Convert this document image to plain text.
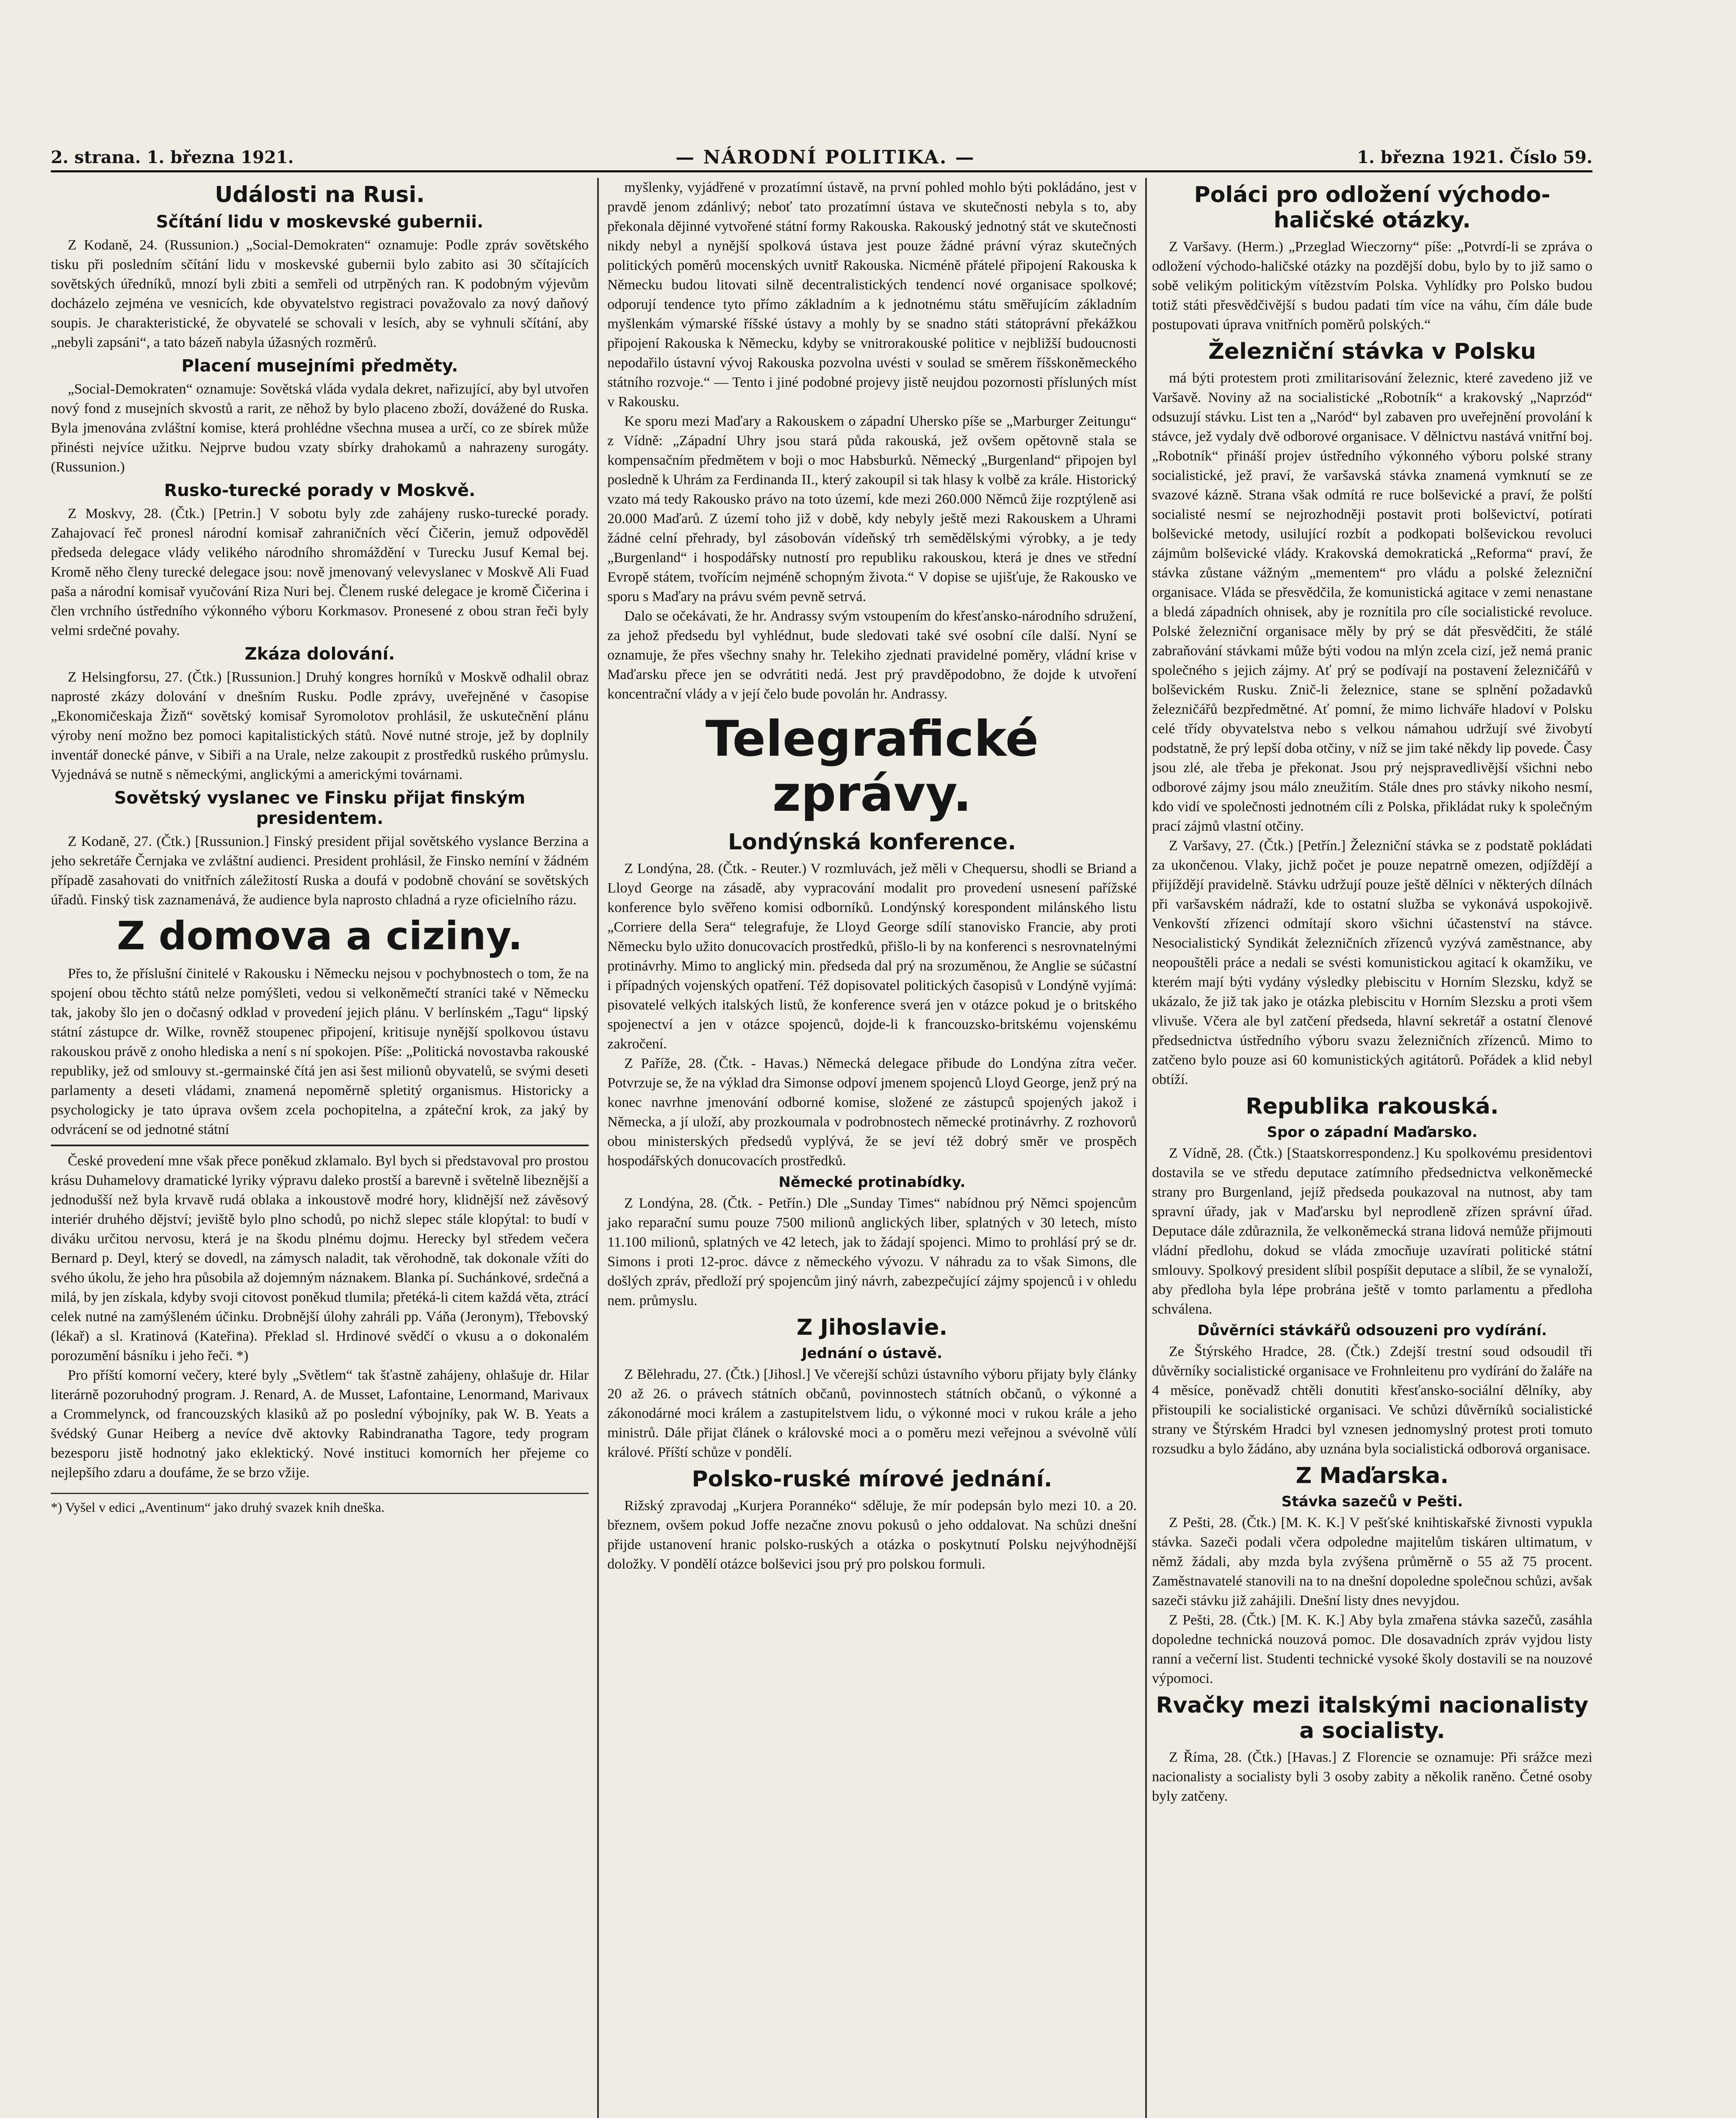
2. strana. 1. března 1921.	— NÁRODNÍ POLITIKA. —	1. března 1921. Číslo 59.
Události na Rusi.
Sčítání lidu v moskevské gubernii.

Z Kodaně, 24. (Russunion.) „Social-Demokraten“ oznamuje: Podle zpráv sovětského tisku při posledním sčítání lidu v moskevské gubernii bylo zabito asi 30 sčítajících sovětských úředníků, mnozí byli zbiti a semřeli od utrpěných ran. K podobným výjevům docházelo zejména ve vesnicích, kde obyvatelstvo registraci považovalo za nový daňový soupis. Je charakteristické, že obyvatelé se schovali v lesích, aby se vyhnuli sčítání, aby „nebyli zapsáni“, a tato bázeň nabyla úžasných rozměrů.

Placení musejními předměty.

„Social-Demokraten“ oznamuje: Sovětská vláda vydala dekret, nařizující, aby byl utvořen nový fond z musejních skvostů a rarit, ze něhož by bylo placeno zboží, dovážené do Ruska. Byla jmenována zvláštní komise, která prohlédne všechna musea a určí, co ze sbírek může přinésti nejvíce užitku. Nejprve budou vzaty sbírky drahokamů a nahrazeny surogáty. (Russunion.)

Rusko-turecké porady v Moskvě.

Z Moskvy, 28. (Čtk.) [Petrin.] V sobotu byly zde zahájeny rusko-turecké porady. Zahajovací řeč pronesl národní komisař zahraničních věcí Čičerin, jemuž odpověděl předseda delegace vlády velikého národního shromáždění v Turecku Jusuf Kemal bej. Kromě něho členy turecké delegace jsou: nově jmenovaný velevyslanec v Moskvě Ali Fuad paša a národní komisař vyučování Riza Nuri bej. Členem ruské delegace je kromě Čičerina i člen vrchního ústředního výkonného výboru Korkmasov. Pronesené z obou stran řeči byly velmi srdečné povahy.

Zkáza dolování.

Z Helsingforsu, 27. (Čtk.) [Russunion.] Druhý kongres horníků v Moskvě odhalil obraz naprosté zkázy dolování v dnešním Rusku. Podle zprávy, uveřejněné v časopise „Ekonomičeskaja Žizň“ sovětský komisař Syromolotov prohlásil, že uskutečnění plánu výroby není možno bez pomoci kapitalistických států. Nové nutné stroje, jež by doplnily inventář donecké pánve, v Sibiři a na Urale, nelze zakoupit z prostředků ruského průmyslu. Vyjednává se nutně s německými, anglickými a americkými továrnami.

Sovětský vyslanec ve Finsku přijat finským presidentem.

Z Kodaně, 27. (Čtk.) [Russunion.] Finský president přijal sovětského vyslance Berzina a jeho sekretáře Černjaka ve zvláštní audienci. President prohlásil, že Finsko nemíní v žádném případě zasahovati do vnitřních záležitostí Ruska a doufá v podobně chování se sovětských úřadů. Finský tisk zaznamenává, že audience byla naprosto chladná a ryze oficielního rázu.

Z domova a ciziny.

Přes to, že příslušní činitelé v Rakousku i Německu nejsou v pochybnostech o tom, že na spojení obou těchto států nelze pomýšleti, vedou si velkoněmečtí straníci také v Německu tak, jakoby šlo jen o dočasný odklad v provedení jejich plánu. V berlínském „Tagu“ lipský státní zástupce dr. Wilke, rovněž stoupenec připojení, kritisuje nynější spolkovou ústavu rakouskou právě z onoho hlediska a není s ní spokojen. Píše: „Politická novostavba rakouské republiky, jež od smlouvy st.-germainské čítá jen asi šest milionů obyvatelů, se svými deseti parlamenty a deseti vládami, znamená nepoměrně spletitý organismus. Historicky a psychologicky je tato úprava ovšem zcela pochopitelna, a zpáteční krok, za jaký by odvrácení se od jednotné státní

České provedení mne však přece poněkud zklamalo. Byl bych si představoval pro prostou krásu Duhamelovy dramatické lyriky výpravu daleko prostší a barevně i světelně libeznější a jednodušší než byla krvavě rudá oblaka a inkoustově modré hory, klidnější než závěsový interiér druhého dějství; jeviště bylo plno schodů, po nichž slepec stále klopýtal: to budí v diváku určitou nervosu, která je na škodu plnému dojmu. Herecky byl středem večera Bernard p. Deyl, který se dovedl, na zámysch naladit, tak věrohodně, tak dokonale vžíti do svého úkolu, že jeho hra působila až dojemným náznakem. Blanka pí. Suchánkové, srdečná a milá, by jen získala, kdyby svoji citovost poněkud tlumila; přetéká-li citem každá věta, ztrácí celek nutné na zamýšleném účinku. Drobnější úlohy zahráli pp. Váňa (Jeronym), Třebovský (lékař) a sl. Kratinová (Kateřina). Překlad sl. Hrdinové svědčí o vkusu a o dokonalém porozumění básníku i jeho řeči. *)

Pro příští komorní večery, které byly „Světlem“ tak šťastně zahájeny, ohlašuje dr. Hilar literárně pozoruhodný program. J. Renard, A. de Musset, Lafontaine, Lenormand, Marivaux a Crommelynck, od francouzských klasiků až po poslední výbojníky, pak W. B. Yeats a švédský Gunar Heiberg a nevíce dvě aktovky Rabindranatha Tagore, tedy program bezesporu jistě hodnotný jako eklektický. Nové instituci komorních her přejeme co nejlepšího zdaru a doufáme, že se brzo vžije.

*) Vyšel v edici „Aventinum“ jako druhý svazek knih dneška.

myšlenky, vyjádřené v prozatímní ústavě, na první pohled mohlo býti pokládáno, jest v pravdě jenom zdánlivý; neboť tato prozatímní ústava ve skutečnosti nebyla s to, aby překonala dějinné vytvořené státní formy Rakouska. Rakouský jednotný stát ve skutečnosti nikdy nebyl a nynější spolková ústava jest pouze žádné právní výraz skutečných politických poměrů mocenských uvnitř Rakouska. Nicméně přátelé připojení Rakouska k Německu budou litovati silně decentralistických tendencí nové organisace spolkové; odporují tendence tyto přímo základním a k jednotnému státu směřujícím základním myšlenkám výmarské říšské ústavy a mohly by se snadno státi státoprávní překážkou připojení Rakouska k Německu, kdyby se vnitrorakouské politice v nejbližší budoucnosti nepodařilo ústavní vývoj Rakouska pozvolna uvésti v soulad se směrem říšskoněmeckého státního rozvoje.“ — Tento i jiné podobné projevy jistě neujdou pozornosti přísluných míst v Rakousku.

Ke sporu mezi Maďary a Rakouskem o západní Uhersko píše se „Marburger Zeitungu“ z Vídně: „Západní Uhry jsou stará půda rakouská, jež ovšem opětovně stala se kompensačním předmětem v boji o moc Habsburků. Německý „Burgenland“ připojen byl posledně k Uhrám za Ferdinanda II., který zakoupil si tak hlasy k volbě za krále. Historický vzato má tedy Rakousko právo na toto území, kde mezi 260.000 Němců žije rozptýleně asi 20.000 Maďarů. Z území toho již v době, kdy nebyly ještě mezi Rakouskem a Uhrami žádné celní přehrady, byl zásobován vídeňský trh semědělskými výrobky, a je tedy „Burgenland“ i hospodářsky nutností pro republiku rakouskou, která je dnes ve střední Evropě státem, tvořícím nejméně schopným života.“ V dopise se ujišťuje, že Rakousko ve sporu s Maďary na právu svém pevně setrvá.

Dalo se očekávati, že hr. Andrassy svým vstoupením do křesťansko-národního sdružení, za jehož předsedu byl vyhlédnut, bude sledovati také své osobní cíle další. Nyní se oznamuje, že přes všechny snahy hr. Telekiho zjednati pravidelné poměry, vládní krise v Maďarsku přece jen se odvrátiti nedá. Jest prý pravděpodobno, že dojde k utvoření koncentrační vlády a v její čelo bude povolán hr. Andrassy.

Telegrafické zprávy.
Londýnská konference.

Z Londýna, 28. (Čtk. - Reuter.) V rozmluvách, jež měli v Chequersu, shodli se Briand a Lloyd George na zásadě, aby vypracování modalit pro provedení usnesení pařížské konference bylo svěřeno komisi odborníků. Londýnský korespondent milánského listu „Corriere della Sera“ telegrafuje, že Lloyd George sdílí stanovisko Francie, aby proti Německu bylo užito donucovacích prostředků, přišlo-li by na konferenci s nesrovnatelnými protinávrhy. Mimo to anglický min. předseda dal prý na srozuměnou, že Anglie se súčastní i případných vojenských opatření. Též dopisovatel politických časopisů v Londýně vyjímá: pisovatelé velkých italských listů, že konference sverá jen v otázce pokud je o britského spojenectví a jen v otázce spojenců, dojde-li k francouzsko-britskému vojenskému zakročení.

Z Paříže, 28. (Čtk. - Havas.) Německá delegace přibude do Londýna zítra večer. Potvrzuje se, že na výklad dra Simonse odpoví jmenem spojenců Lloyd George, jenž prý na konec navrhne jmenování odborné komise, složené ze zástupců spojených jakož i Německa, a jí uloží, aby prozkoumala v podrobnostech německé protinávrhy. Z rozhovorů obou ministerských předsedů vyplývá, že se jeví též dobrý směr ve prospěch hospodářských donucovacích prostředků.

Německé protinabídky.

Z Londýna, 28. (Čtk. - Petřín.) Dle „Sunday Times“ nabídnou prý Němci spojencům jako reparační sumu pouze 7500 milionů anglických liber, splatných v 30 letech, místo 11.100 milionů, splatných ve 42 letech, jak to žádají spojenci. Mimo to prohlásí prý se dr. Simons i proti 12-proc. dávce z německého vývozu. V náhradu za to však Simons, dle došlých zpráv, předloží prý spojencům jiný návrh, zabezpečující zájmy spojenců i v ohledu nem. průmyslu.

Z Jihoslavie.
Jednání o ústavě.

Z Bělehradu, 27. (Čtk.) [Jihosl.] Ve včerejší schůzi ústavního výboru přijaty byly články 20 až 26. o právech státních občanů, povinnostech státních občanů, o výkonné a zákonodárné moci králem a zastupitelstvem lidu, o výkonné moci v rukou krále a jeho ministrů. Dále přijat článek o královské moci a o poměru mezi veřejnou a svévolně vůlí králové. Příští schůze v pondělí.

Polsko-ruské mírové jednání.

Rižský zpravodaj „Kurjera Porannéko“ sděluje, že mír podepsán bylo mezi 10. a 20. březnem, ovšem pokud Joffe nezačne znovu pokusů o jeho oddalovat. Na schůzi dnešní přijde ustanovení hranic polsko-ruských a otázka o poskytnutí Polsku nejvýhodnější doložky. V pondělí otázce bolševici jsou prý pro polskou formuli.

Poláci pro odložení východo-haličské otázky.

Z Varšavy. (Herm.) „Przeglad Wieczorny“ píše: „Potvrdí-li se zpráva o odložení východo-haličské otázky na pozdější dobu, bylo by to již samo o sobě velikým politickým vítězstvím Polska. Vyhlídky pro Polsko budou totiž státi přesvědčivější s budou padati tím více na váhu, čím dále bude postupovati úprava vnitřních poměrů polských.“

Železniční stávka v Polsku

má býti protestem proti zmilitarisování železnic, které zavedeno již ve Varšavě. Noviny až na socialistické „Robotník“ a krakovský „Naprzód“ odsuzují stávku. List ten a „Naród“ byl zabaven pro uveřejnění provolání k stávce, jež vydaly dvě odborové organisace. V dělnictvu nastává vnitřní boj. „Robotník“ přináší projev ústředního výkonného výboru polské strany socialistické, jež praví, že varšavská stávka znamená vymknutí se ze svazové kázně. Strana však odmítá re ruce bolševické a praví, že polští socialisté nesmí se nejrozhodněji postavit proti bolševictví, potírati bolševické metody, usilující rozbít a podkopati bolševickou revoluci zájmům bolševické vlády. Krakovská demokratická „Reforma“ praví, že stávka zůstane vážným „mementem“ pro vládu a polské železniční organisace. Vláda se přesvědčila, že komunistická agitace v zemi nenastane a bledá západních ohnisek, aby je roznítila pro cíle socialistické revoluce. Polské železniční organisace měly by prý se dát přesvědčiti, že stálé zabraňování stávkami může býti vodou na mlýn zcela cizí, jež nemá pranic společného s jejich zájmy. Ať prý se podívají na postavení železničářů v bolševickém Rusku. Znič-li železnice, stane se splnění požadavků železničářů bezpředmětné. Ať pomní, že mimo lichváře hladoví v Polsku celé třídy obyvatelstva nebo s velkou námahou udržují své živobytí podstatně, že prý lepší doba otčiny, v níž se jim také někdy lip povede. Časy jsou zlé, ale třeba je překonat. Jsou prý nejspravedlivější všichni nebo odborové zájmy jsou málo zneužitím. Stále dnes pro stávky nikoho nesmí, kdo vidí ve společnosti jednotném cíli z Polska, přikládat ruky k společným prací zájmů vlastní otčiny.

Z Varšavy, 27. (Čtk.) [Petřín.] Železniční stávka se z podstatě pokládati za ukončenou. Vlaky, jichž počet je pouze nepatrně omezen, odjíždějí a přijíždějí pravidelně. Stávku udržují pouze ještě dělníci v některých dílnách při varšavském nádraží, kde to ostatní služba se vykonává uspokojivě. Venkovští zřízenci odmítají skoro všichni účastenství na stávce. Nesocialistický Syndikát železničních zřízenců vyzývá zaměstnance, aby neopouštěli práce a nedali se svésti komunistickou agitací k okamžiku, ve kterém mají býti vydány výsledky plebiscitu v Horním Slezsku, když se ukázalo, že již tak jako je otázka plebiscitu v Horním Slezsku a proti všem vlivuše. Včera ale byl zatčení předseda, hlavní sekretář a ostatní členové předsednictva ústředního výboru svazu železničních zřízenců. Mimo to zatčeno bylo pouze asi 60 komunistických agitátorů. Pořádek a klid nebyl obtíží.

Republika rakouská.
Spor o západní Maďarsko.

Z Vídně, 28. (Čtk.) [Staatskorrespondenz.] Ku spolkovému presidentovi dostavila se ve středu deputace zatímního předsednictva velkoněmecké strany pro Burgenland, jejíž předseda poukazoval na nutnost, aby tam spravní úřady, jak v Maďarsku byl neprodleně zřízen správní úřad. Deputace dále zdůraznila, že velkoněmecká strana lidová nemůže přijmouti vládní předlohu, dokud se vláda zmocňuje uzavírati politické státní smlouvy. Spolkový president slíbil pospíšit deputace a slíbil, že se vynaloží, aby předloha byla lépe probrána ještě v tomto parlamentu a předloha schválena.

Důvěrníci stávkářů odsouzeni pro vydírání.

Ze Štýrského Hradce, 28. (Čtk.) Zdejší trestní soud odsoudil tři důvěrníky socialistické organisace ve Frohnleitenu pro vydírání do žaláře na 4 měsíce, poněvadž chtěli donutiti křesťansko-sociální dělníky, aby přistoupili ke socialistické organisaci. Ve schůzi důvěrníků socialistické strany ve Štýrském Hradci byl vznesen jednomyslný protest proti tomuto rozsudku a bylo žádáno, aby uznána byla socialistická odborová organisace.

Z Maďarska.
Stávka sazečů v Pešti.

Z Pešti, 28. (Čtk.) [M. K. K.] V pešťské knihtiskařské živnosti vypukla stávka. Sazeči podali včera odpoledne majitelům tiskáren ultimatum, v němž žádali, aby mzda byla zvýšena průměrně o 55 až 75 procent. Zaměstnavatelé stanovili na to na dnešní dopoledne společnou schůzi, avšak sazeči stávku již zahájili. Dnešní listy dnes nevyjdou.

Z Pešti, 28. (Čtk.) [M. K. K.] Aby byla zmařena stávka sazečů, zasáhla dopoledne technická nouzová pomoc. Dle dosavadních zpráv vyjdou listy ranní a večerní list. Studenti technické vysoké školy dostavili se na nouzové výpomoci.

Rvačky mezi italskými nacionalisty a socialisty.

Z Říma, 28. (Čtk.) [Havas.] Z Florencie se oznamuje: Při srážce mezi nacionalisty a socialisty byli 3 osoby zabity a několik raněno. Četné osoby byly zatčeny.
